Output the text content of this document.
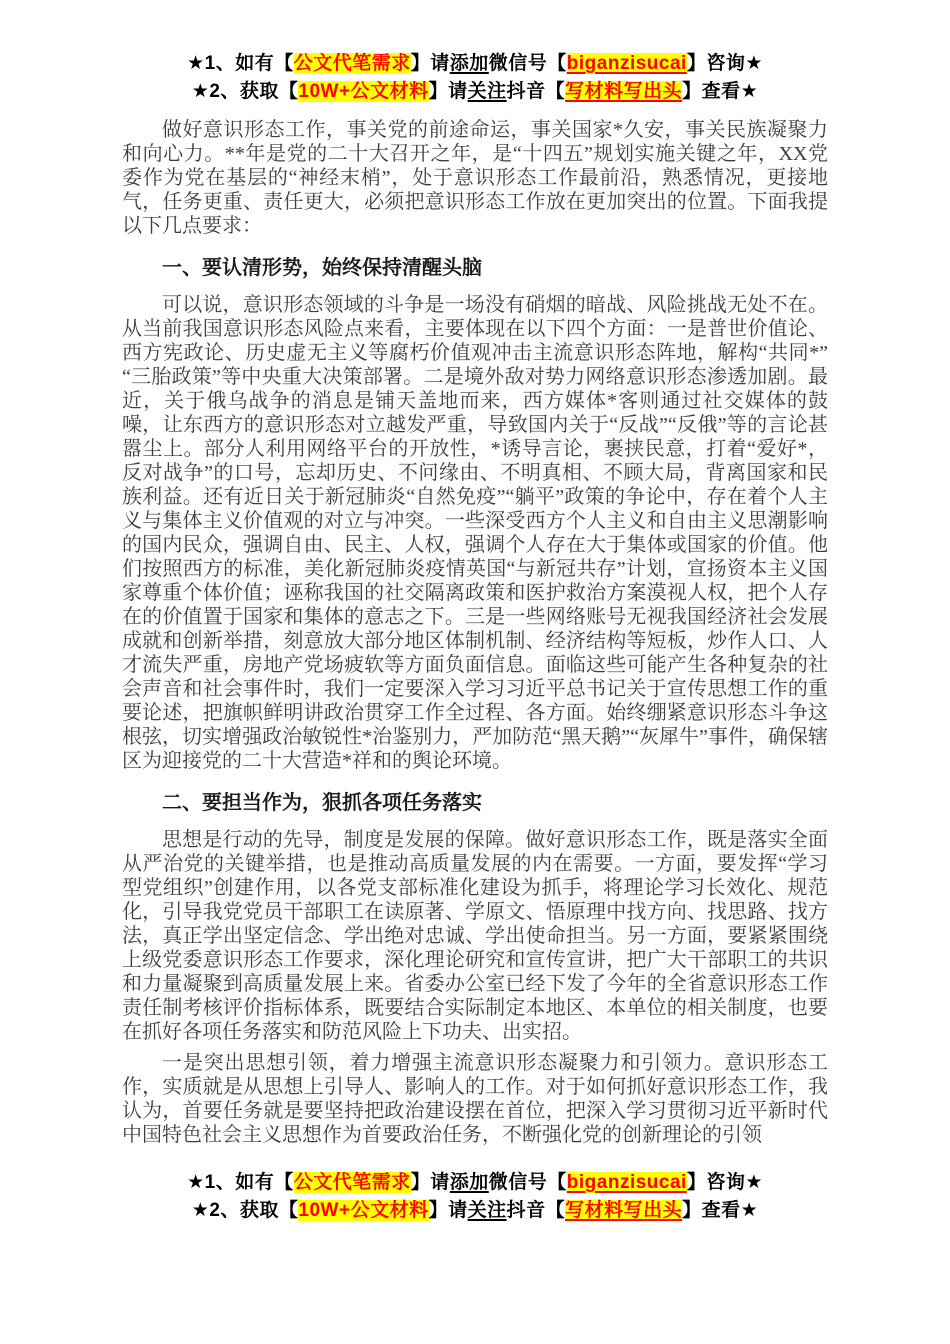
★1、如有【公文代笔需求】请添加微信号【biganzisucai】咨询★
★2、获取【10W+公文材料】请关注抖音【写材料写出头】查看★

做好意识形态工作，事关党的前途命运，事关国家*久安，事关民族凝聚力和向心力。**年是党的二十大召开之年，是“十四五”规划实施关键之年，XX党委作为党在基层的“神经末梢”，处于意识形态工作最前沿，熟悉情况，更接地气，任务更重、责任更大，必须把意识形态工作放在更加突出的位置。下面我提以下几点要求：

一、要认清形势，始终保持清醒头脑

可以说，意识形态领域的斗争是一场没有硝烟的暗战、风险挑战无处不在。从当前我国意识形态风险点来看，主要体现在以下四个方面：一是普世价值论、西方宪政论、历史虚无主义等腐朽价值观冲击主流意识形态阵地，解构“共同*”“三胎政策”等中央重大决策部署。二是境外敌对势力网络意识形态渗透加剧。最近，关于俄乌战争的消息是铺天盖地而来，西方媒体*客则通过社交媒体的鼓噪，让东西方的意识形态对立越发严重，导致国内关于“反战”“反俄”等的言论甚嚣尘上。部分人利用网络平台的开放性，*诱导言论，裹挟民意，打着“爱好*，反对战争”的口号，忘却历史、不问缘由、不明真相、不顾大局，背离国家和民族利益。还有近日关于新冠肺炎“自然免疫”“躺平”政策的争论中，存在着个人主义与集体主义价值观的对立与冲突。一些深受西方个人主义和自由主义思潮影响的国内民众，强调自由、民主、人权，强调个人存在大于集体或国家的价值。他们按照西方的标准，美化新冠肺炎疫情英国“与新冠共存”计划，宣扬资本主义国家尊重个体价值；诬称我国的社交隔离政策和医护救治方案漠视人权，把个人存在的价值置于国家和集体的意志之下。三是一些网络账号无视我国经济社会发展成就和创新举措，刻意放大部分地区体制机制、经济结构等短板，炒作人口、人才流失严重，房地产党场疲软等方面负面信息。面临这些可能产生各种复杂的社会声音和社会事件时，我们一定要深入学习习近平总书记关于宣传思想工作的重要论述，把旗帜鲜明讲政治贯穿工作全过程、各方面。始终绷紧意识形态斗争这根弦，切实增强政治敏锐性*治鉴别力，严加防范“黑天鹅”“灰犀牛”事件，确保辖区为迎接党的二十大营造*祥和的舆论环境。

二、要担当作为，狠抓各项任务落实

思想是行动的先导，制度是发展的保障。做好意识形态工作，既是落实全面从严治党的关键举措，也是推动高质量发展的内在需要。一方面，要发挥“学习型党组织”创建作用，以各党支部标准化建设为抓手，将理论学习长效化、规范化，引导我党党员干部职工在读原著、学原文、悟原理中找方向、找思路、找方法，真正学出坚定信念、学出绝对忠诚、学出使命担当。另一方面，要紧紧围绕上级党委意识形态工作要求，深化理论研究和宣传宣讲，把广大干部职工的共识和力量凝聚到高质量发展上来。省委办公室已经下发了今年的全省意识形态工作责任制考核评价指标体系，既要结合实际制定本地区、本单位的相关制度，也要在抓好各项任务落实和防范风险上下功夫、出实招。

一是突出思想引领，着力增强主流意识形态凝聚力和引领力。意识形态工作，实质就是从思想上引导人、影响人的工作。对于如何抓好意识形态工作，我认为，首要任务就是要坚持把政治建设摆在首位，把深入学习贯彻习近平新时代中国特色社会主义思想作为首要政治任务，不断强化党的创新理论的引领

★1、如有【公文代笔需求】请添加微信号【biganzisucai】咨询★
★2、获取【10W+公文材料】请关注抖音【写材料写出头】查看★
